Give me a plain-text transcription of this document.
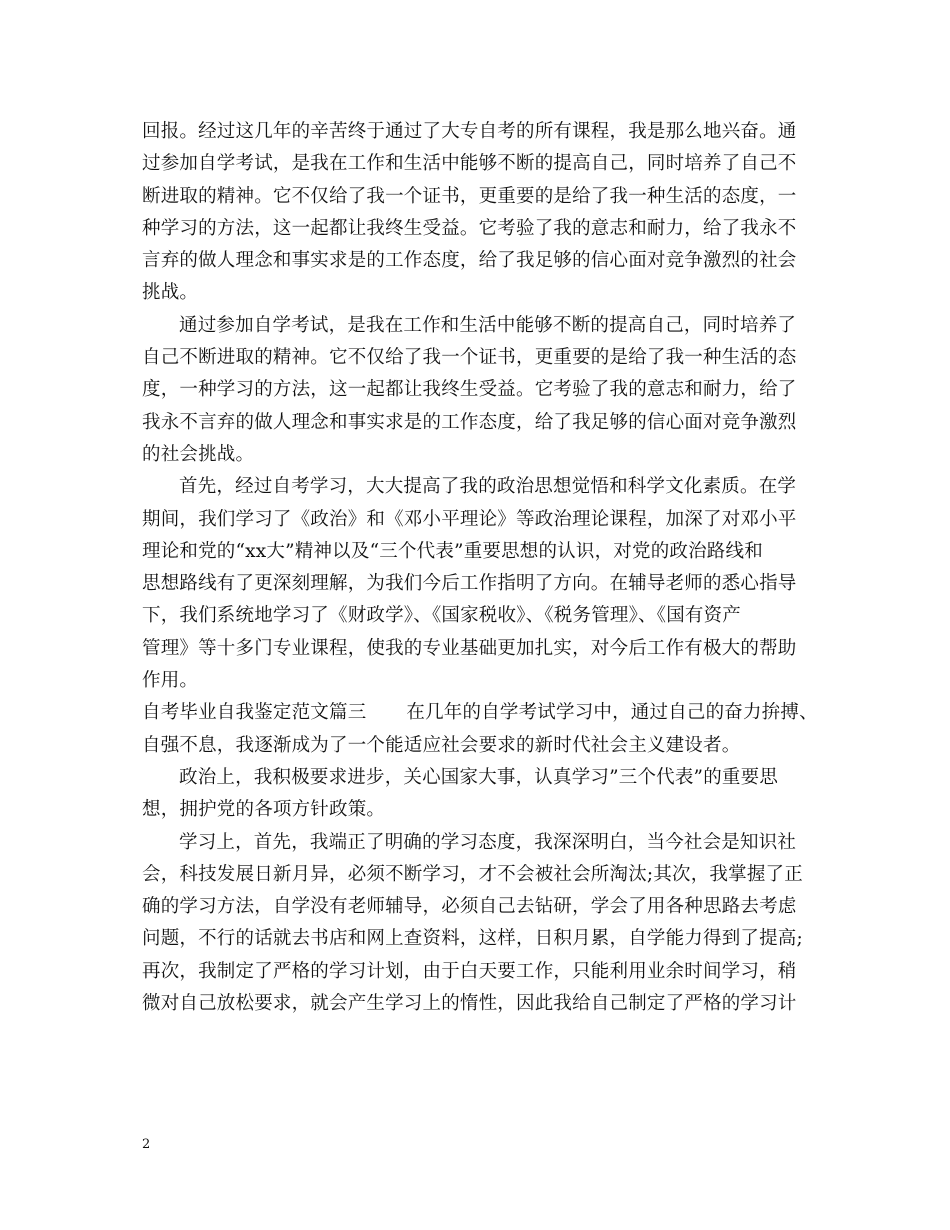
回报。经过这几年的辛苦终于通过了大专自考的所有课程，我是那么地兴奋。通
过参加自学考试，是我在工作和生活中能够不断的提高自己，同时培养了自己不
断进取的精神。它不仅给了我一个证书，更重要的是给了我一种生活的态度，一
种学习的方法，这一起都让我终生受益。它考验了我的意志和耐力，给了我永不
言弃的做人理念和事实求是的工作态度，给了我足够的信心面对竞争激烈的社会
挑战。
通过参加自学考试，是我在工作和生活中能够不断的提高自己，同时培养了
自己不断进取的精神。它不仅给了我一个证书，更重要的是给了我一种生活的态
度，一种学习的方法，这一起都让我终生受益。它考验了我的意志和耐力，给了
我永不言弃的做人理念和事实求是的工作态度，给了我足够的信心面对竞争激烈
的社会挑战。
首先，经过自考学习，大大提高了我的政治思想觉悟和科学文化素质。在学
期间，我们学习了《政治》和《邓小平理论》等政治理论课程，加深了对邓小平
理论和党的“xx大”精神以及“三个代表”重要思想的认识，对党的政治路线和
思想路线有了更深刻理解，为我们今后工作指明了方向。在辅导老师的悉心指导
下，我们系统地学习了《财政学》、《国家税收》、《税务管理》、《国有资产
管理》等十多门专业课程，使我的专业基础更加扎实，对今后工作有极大的帮助
作用。
自考毕业自我鉴定范文篇三 在几年的自学考试学习中，通过自己的奋力拚搏、
自强不息，我逐渐成为了一个能适应社会要求的新时代社会主义建设者。
政治上，我积极要求进步，关心国家大事，认真学习”三个代表”的重要思
想，拥护党的各项方针政策。
学习上，首先，我端正了明确的学习态度，我深深明白，当今社会是知识社
会，科技发展日新月异，必须不断学习，才不会被社会所淘汰;其次，我掌握了正
确的学习方法，自学没有老师辅导，必须自己去钻研，学会了用各种思路去考虑
问题，不行的话就去书店和网上查资料，这样，日积月累，自学能力得到了提高;
再次，我制定了严格的学习计划，由于白天要工作，只能利用业余时间学习，稍
微对自己放松要求，就会产生学习上的惰性，因此我给自己制定了严格的学习计
2
